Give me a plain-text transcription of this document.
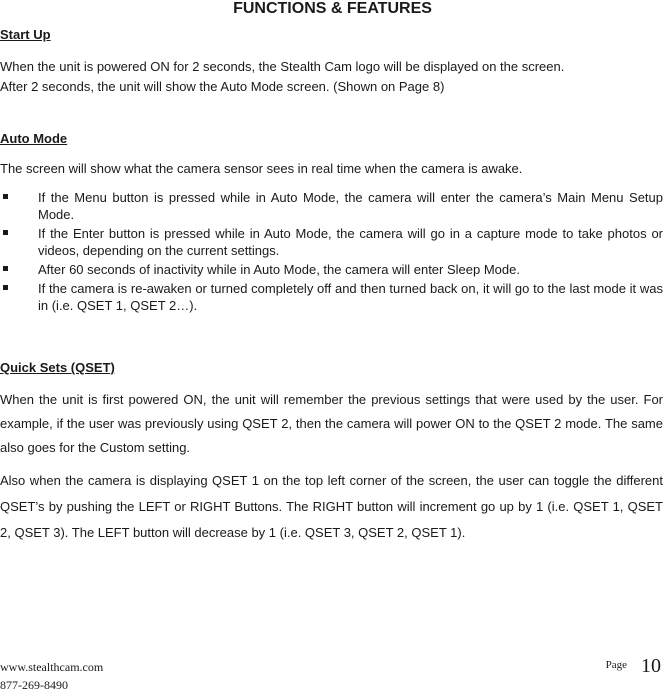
FUNCTIONS & FEATURES
Start Up

When the unit is powered ON for 2 seconds, the Stealth Cam logo will be displayed on the screen.

After 2 seconds, the unit will show the Auto Mode screen. (Shown on Page 8)

Auto Mode

The screen will show what the camera sensor sees in real time when the camera is awake.

If the Menu button is pressed while in Auto Mode, the camera will enter the camera’s Main Menu Setup Mode.
If the Enter button is pressed while in Auto Mode, the camera will go in a capture mode to take photos or videos, depending on the current settings.
After 60 seconds of inactivity while in Auto Mode, the camera will enter Sleep Mode.
If the camera is re-awaken or turned completely off and then turned back on, it will go to the last mode it was in (i.e. QSET 1, QSET 2…).
Quick Sets (QSET)

When the unit is first powered ON, the unit will remember the previous settings that were used by the user. For example, if the user was previously using QSET 2, then the camera will power ON to the QSET 2 mode. The same also goes for the Custom setting.

Also when the camera is displaying QSET 1 on the top left corner of the screen, the user can toggle the different QSET’s by pushing the LEFT or RIGHT Buttons. The RIGHT button will increment go up by 1 (i.e. QSET 1, QSET 2, QSET 3). The LEFT button will decrease by 1 (i.e. QSET 3, QSET 2, QSET 1).

www.stealthcam.com
877-269-8490
$^{Page}$ 10
